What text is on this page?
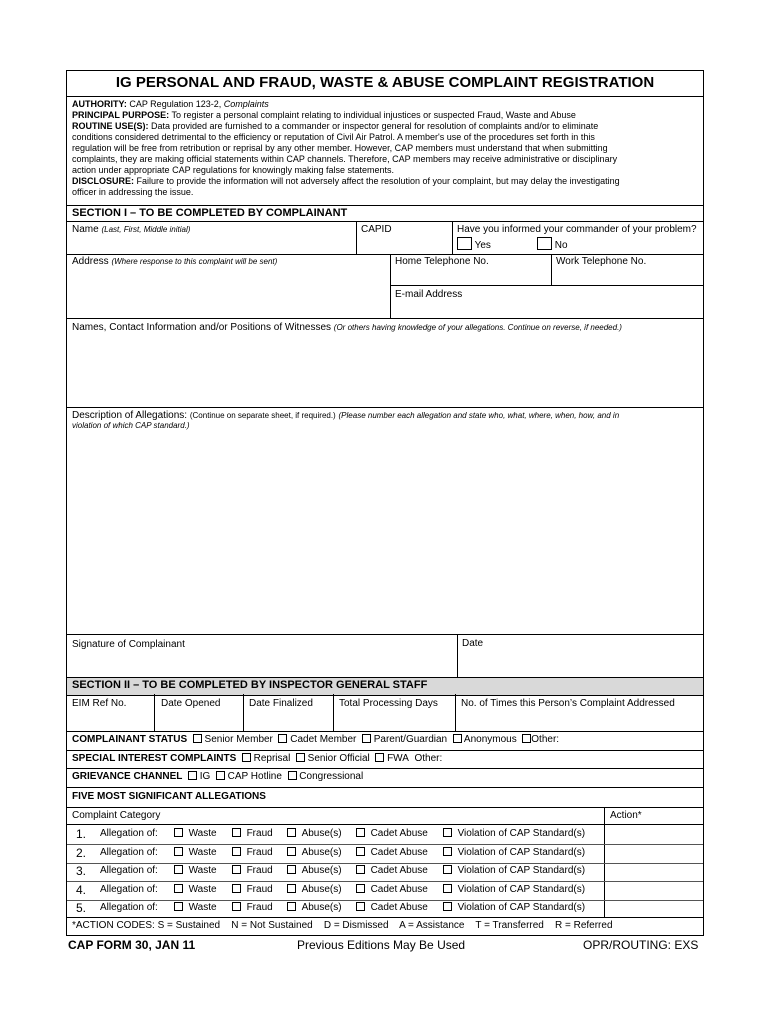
IG PERSONAL AND FRAUD, WASTE & ABUSE COMPLAINT REGISTRATION
AUTHORITY: CAP Regulation 123-2, Complaints
PRINCIPAL PURPOSE: To register a personal complaint relating to individual injustices or suspected Fraud, Waste and Abuse
ROUTINE USE(S): Data provided are furnished to a commander or inspector general for resolution of complaints and/or to eliminate
conditions considered detrimental to the efficiency or reputation of Civil Air Patrol. A member's use of the procedures set forth in this
regulation will be free from retribution or reprisal by any other member. However, CAP members must understand that when submitting
complaints, they are making official statements within CAP channels. Therefore, CAP members may receive administrative or disciplinary
action under appropriate CAP regulations for knowingly making false statements.
DISCLOSURE: Failure to provide the information will not adversely affect the resolution of your complaint, but may delay the investigating
officer in addressing the issue.
SECTION I – TO BE COMPLETED BY COMPLAINANT
Name (Last, First, Middle initial)	CAPID	Have you informed your commander of your problem?
Yes	No
Address (Where response to this complaint will be sent)	Home Telephone No.	Work Telephone No.
E-mail Address
Names, Contact Information and/or Positions of Witnesses (Or others having knowledge of your allegations. Continue on reverse, if needed.)
Description of Allegations: (Continue on separate sheet, if required.) (Please number each allegation and state who, what, where, when, how, and in
violation of which CAP standard.)
Signature of Complainant	Date
SECTION II – TO BE COMPLETED BY INSPECTOR GENERAL STAFF
EIM Ref No.	Date Opened	Date Finalized	Total Processing Days No. of Times this Person’s Complaint Addressed
COMPLAINANT STATUS Senior Member Cadet Member Parent/Guardian Anonymous Other:
SPECIAL INTEREST COMPLAINTS Reprisal Senior Official FWA Other:
GRIEVANCE CHANNEL IG CAP Hotline Congressional
FIVE MOST SIGNIFICANT ALLEGATIONS
Complaint Category	Action*
1. Allegation of:	Waste	Fraud	Abuse(s)	Cadet Abuse	Violation of CAP Standard(s)
2. Allegation of:	Waste	Fraud	Abuse(s)	Cadet Abuse	Violation of CAP Standard(s)
3. Allegation of:	Waste	Fraud	Abuse(s)	Cadet Abuse	Violation of CAP Standard(s)
4. Allegation of:	Waste	Fraud	Abuse(s)	Cadet Abuse	Violation of CAP Standard(s)
5. Allegation of:	Waste	Fraud	Abuse(s)	Cadet Abuse	Violation of CAP Standard(s)
*ACTION CODES: S = Sustained N = Not Sustained D = Dismissed A = Assistance T = Transferred R = Referred
CAP FORM 30, JAN 11	Previous Editions May Be Used	OPR/ROUTING: EXS
